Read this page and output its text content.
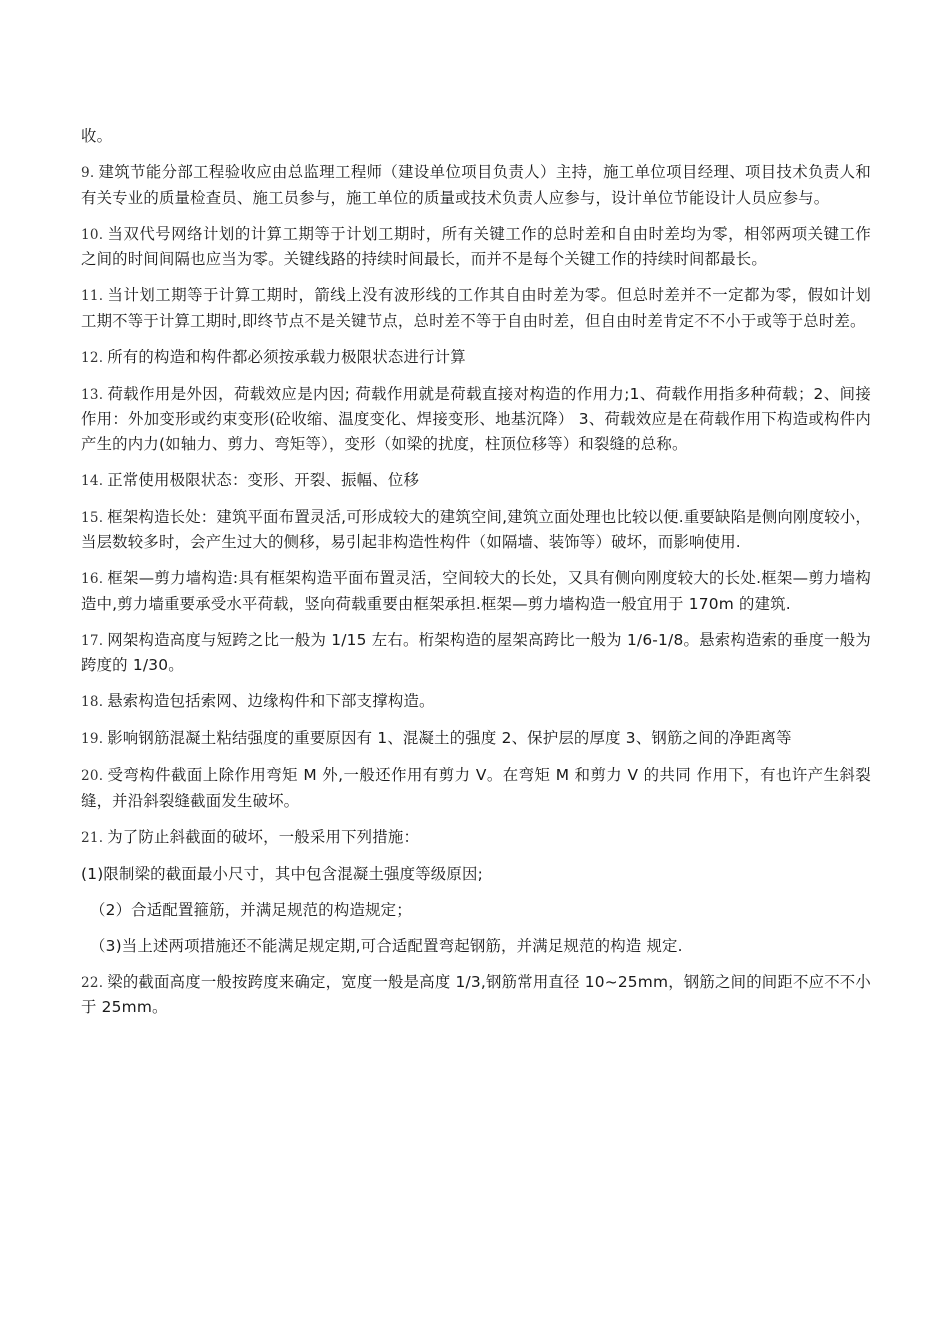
收。

9. 建筑节能分部工程验收应由总监理工程师（建设单位项目负责人）主持，施工单位项目经理、项目技术负责人和有关专业的质量检查员、施工员参与，施工单位的质量或技术负责人应参与，设计单位节能设计人员应参与。

10. 当双代号网络计划的计算工期等于计划工期时，所有关键工作的总时差和自由时差均为零，相邻两项关键工作之间的时间间隔也应当为零。关键线路的持续时间最长，而并不是每个关键工作的持续时间都最长。

11. 当计划工期等于计算工期时，箭线上没有波形线的工作其自由时差为零。但总时差并不一定都为零，假如计划工期不等于计算工期时,即终节点不是关键节点，总时差不等于自由时差，但自由时差肯定不不小于或等于总时差。

12. 所有的构造和构件都必须按承载力极限状态进行计算

13. 荷载作用是外因，荷载效应是内因; 荷载作用就是荷载直接对构造的作用力;1、荷载作用指多种荷载；2、间接作用：外加变形或约束变形(砼收缩、温度变化、焊接变形、地基沉降） 3、荷载效应是在荷载作用下构造或构件内产生的内力(如轴力、剪力、弯矩等），变形（如梁的扰度，柱顶位移等）和裂缝的总称。

14. 正常使用极限状态：变形、开裂、振幅、位移

15. 框架构造长处：建筑平面布置灵活,可形成较大的建筑空间,建筑立面处理也比较以便.重要缺陷是侧向刚度较小，当层数较多时，会产生过大的侧移，易引起非构造性构件（如隔墙、装饰等）破坏，而影响使用.

16. 框架—剪力墙构造:具有框架构造平面布置灵活，空间较大的长处，又具有侧向刚度较大的长处.框架—剪力墙构造中,剪力墙重要承受水平荷载，竖向荷载重要由框架承担.框架—剪力墙构造一般宜用于 170m 的建筑.

17. 网架构造高度与短跨之比一般为 1/15 左右。桁架构造的屋架高跨比一般为 1/6-1/8。悬索构造索的垂度一般为跨度的 1/30。

18. 悬索构造包括索网、边缘构件和下部支撑构造。

19. 影响钢筋混凝土粘结强度的重要原因有 1、混凝土的强度 2、保护层的厚度 3、钢筋之间的净距离等

20. 受弯构件截面上除作用弯矩 M 外,一般还作用有剪力 V。在弯矩 M 和剪力 V 的共同 作用下，有也许产生斜裂缝，并沿斜裂缝截面发生破坏。

21. 为了防止斜截面的破坏，一般采用下列措施：

(1)限制梁的截面最小尺寸，其中包含混凝土强度等级原因;

（2）合适配置箍筋，并满足规范的构造规定；

（3)当上述两项措施还不能满足规定期,可合适配置弯起钢筋，并满足规范的构造 规定.

22. 梁的截面高度一般按跨度来确定，宽度一般是高度 1/3,钢筋常用直径 10~25mm，钢筋之间的间距不应不不小于 25mm。
